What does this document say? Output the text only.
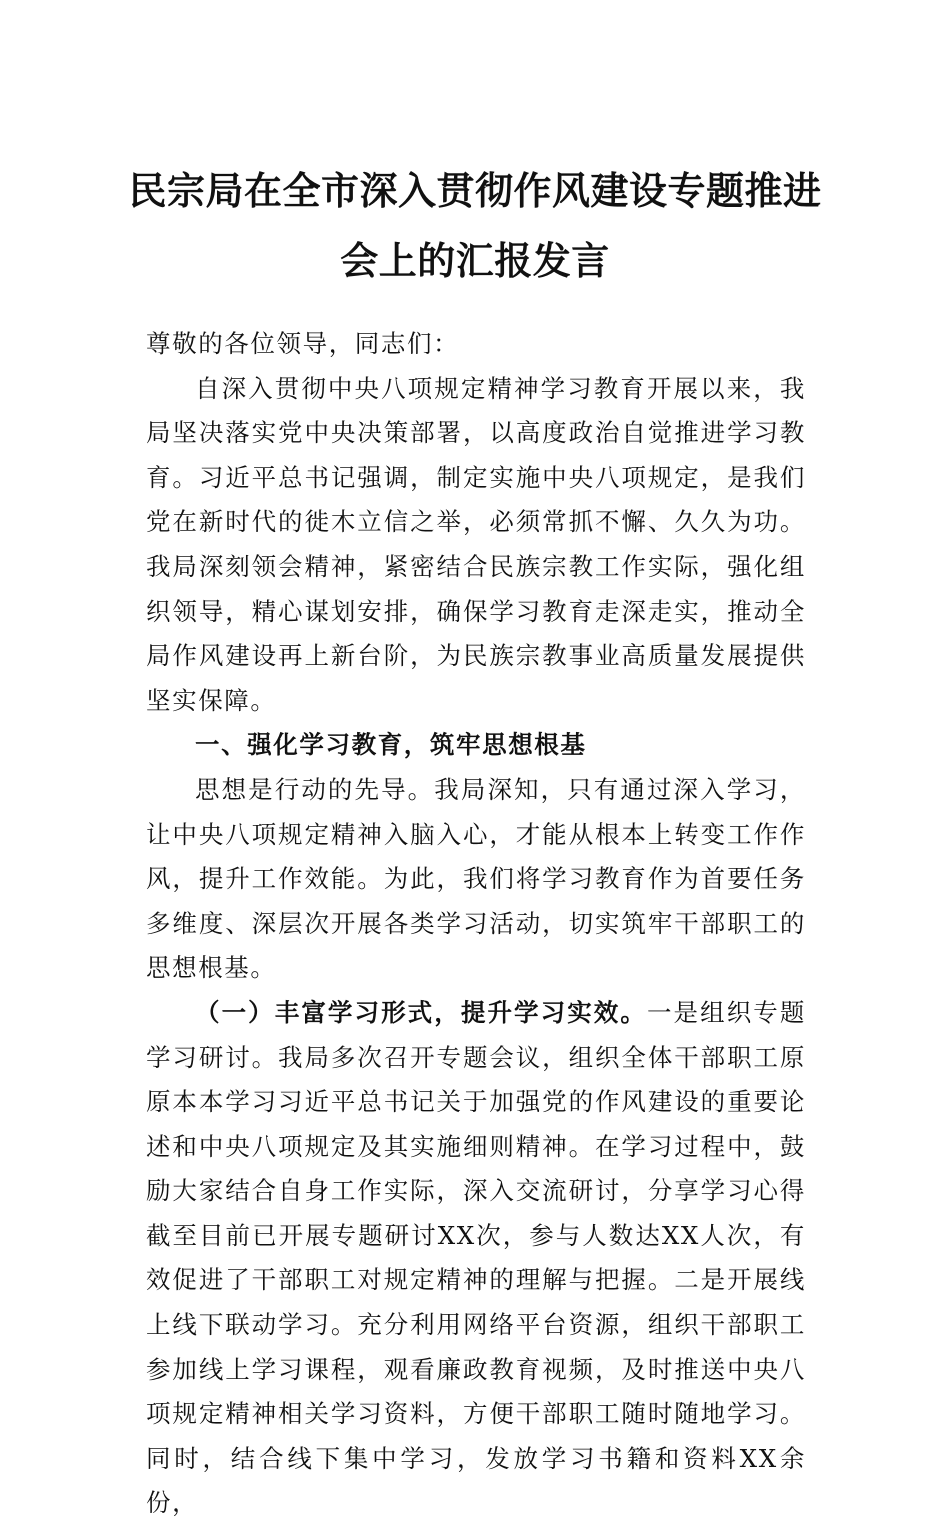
民宗局在全市深入贯彻作风建设专题推进
会上的汇报发言

尊敬的各位领导，同志们：

自深入贯彻中央八项规定精神学习教育开展以来，我局坚决落实党中央决策部署，以高度政治自觉推进学习教育。习近平总书记强调，制定实施中央八项规定，是我们党在新时代的徙木立信之举，必须常抓不懈、久久为功。我局深刻领会精神，紧密结合民族宗教工作实际，强化组织领导，精心谋划安排，确保学习教育走深走实，推动全局作风建设再上新台阶，为民族宗教事业高质量发展提供坚实保障。

一、强化学习教育，筑牢思想根基

思想是行动的先导。我局深知，只有通过深入学习，让中央八项规定精神入脑入心，才能从根本上转变工作作风，提升工作效能。为此，我们将学习教育作为首要任务多维度、深层次开展各类学习活动，切实筑牢干部职工的思想根基。

（一）丰富学习形式，提升学习实效。一是组织专题学习研讨。我局多次召开专题会议，组织全体干部职工原原本本学习习近平总书记关于加强党的作风建设的重要论述和中央八项规定及其实施细则精神。在学习过程中，鼓励大家结合自身工作实际，深入交流研讨，分享学习心得截至目前已开展专题研讨XX次，参与人数达XX人次，有效促进了干部职工对规定精神的理解与把握。二是开展线上线下联动学习。充分利用网络平台资源，组织干部职工参加线上学习课程，观看廉政教育视频，及时推送中央八项规定精神相关学习资料，方便干部职工随时随地学习。同时，结合线下集中学习，发放学习书籍和资料XX余份，
